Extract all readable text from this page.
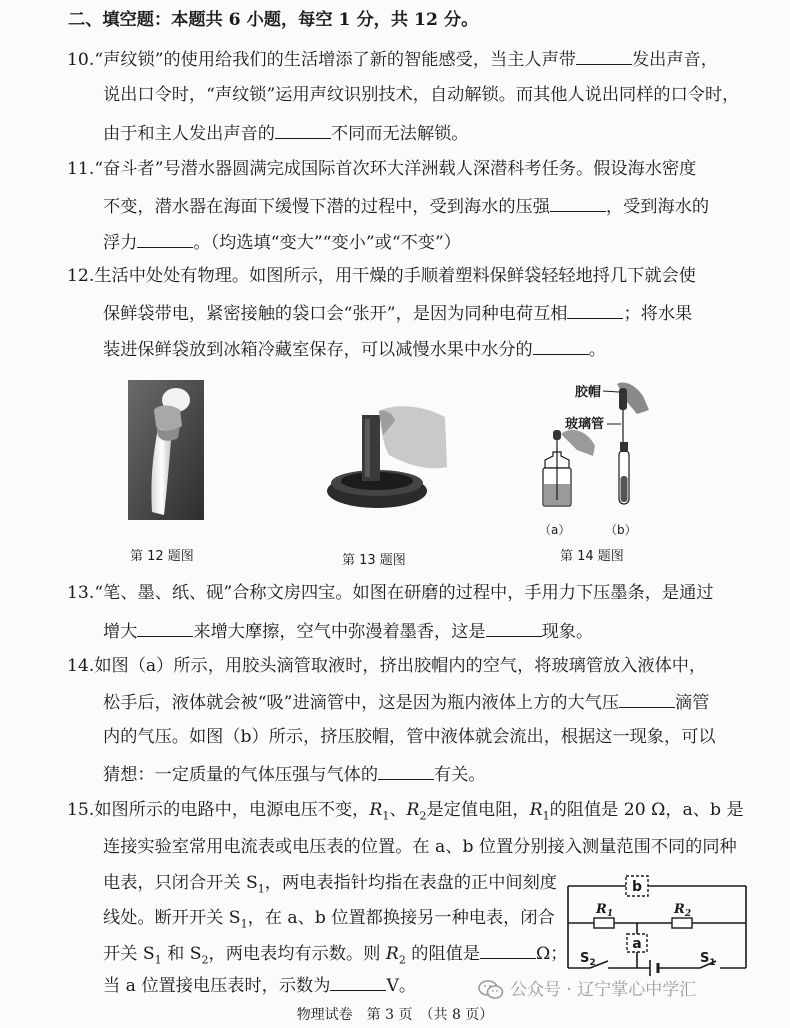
二、填空题：本题共 6 小题，每空 1 分，共 12 分。
10.“声纹锁”的使用给我们的生活增添了新的智能感受，当主人声带	发出声音，
说出口令时，“声纹锁”运用声纹识别技术，自动解锁。而其他人说出同样的口令时，
由于和主人发出声音的	不同而无法解锁。
11.“奋斗者”号潜水器圆满完成国际首次环大洋洲载人深潜科考任务。假设海水密度
不变，潜水器在海面下缓慢下潜的过程中，受到海水的压强	，受到海水的
浮力	。（均选填“变大”“变小”或“不变”）
12.生活中处处有物理。如图所示，用干燥的手顺着塑料保鲜袋轻轻地捋几下就会使
保鲜袋带电，紧密接触的袋口会“张开”，是因为同种电荷互相	；将水果
装进保鲜袋放到冰箱冷藏室保存，可以减慢水果中水分的	。
胶帽
玻璃管
（a）	（b）
第 12 题图	第 13 题图	第 14 题图
13.“笔、墨、纸、砚”合称文房四宝。如图在研磨的过程中，手用力下压墨条，是通过
增大	来增大摩擦，空气中弥漫着墨香，这是	现象。
14.如图（a）所示，用胶头滴管取液时，挤出胶帽内的空气，将玻璃管放入液体中，
松手后，液体就会被“吸”进滴管中，这是因为瓶内液体上方的大气压	滴管
内的气压。如图（b）所示，挤压胶帽，管中液体就会流出，根据这一现象，可以
猜想：一定质量的气体压强与气体的	有关。
15.如图所示的电路中，电源电压不变，$R_1$、$R_2$是定值电阻，$R_1$的阻值是 20 Ω，a、b 是
连接实验室常用电流表或电压表的位置。在 a、b 位置分别接入测量范围不同的同种
电表，只闭合开关 $S_1$，两电表指针均指在表盘的正中间刻度
线处。断开开关 $S_1$，在 a、b 位置都换接另一种电表，闭合
开关 $S_1$ 和 $S_2$，两电表均有示数。则 $R_2$ 的阻值是	Ω；
当 a 位置接电压表时，示数为	V。
b
$R_1$	$R_2$
a
$S_2$	$S_1$
公众号 · 辽宁掌心中学汇
物理试卷　第 3 页　（共 8 页）
